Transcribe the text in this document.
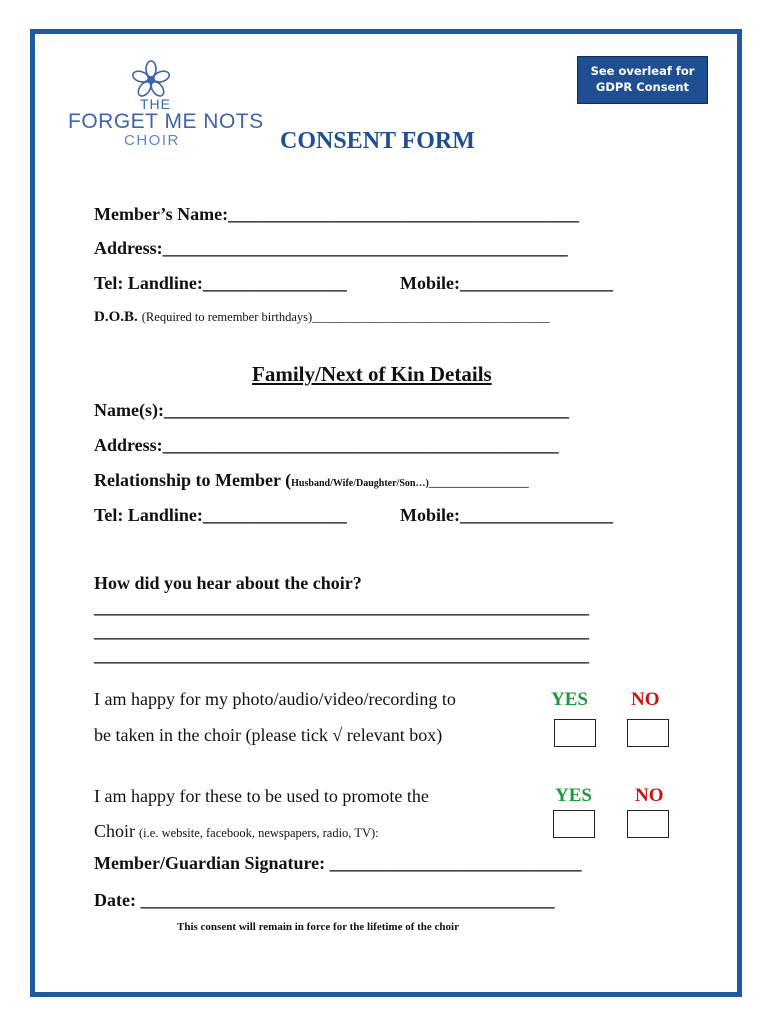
THE
FORGET ME NOTS
CHOIR
See overleaf for
GDPR Consent
CONSENT FORM
Member’s Name:_______________________________________
Address:_____________________________________________
Tel: Landline:________________	Mobile:_________________
D.O.B. (Required to remember birthdays)______________________________________
Family/Next of Kin Details
Name(s):_____________________________________________
Address:____________________________________________
Relationship to Member (Husband/Wife/Daughter/Son…)____________________
Tel: Landline:________________	Mobile:_________________
How did you hear about the choir?
_______________________________________________________
_______________________________________________________
_______________________________________________________
I am happy for my photo/audio/video/recording to
be taken in the choir (please tick √ relevant box)
YES NO
I am happy for these to be used to promote the
Choir (i.e. website, facebook, newspapers, radio, TV):
YES NO
Member/Guardian Signature: ____________________________
Date: ______________________________________________
This consent will remain in force for the lifetime of the choir
